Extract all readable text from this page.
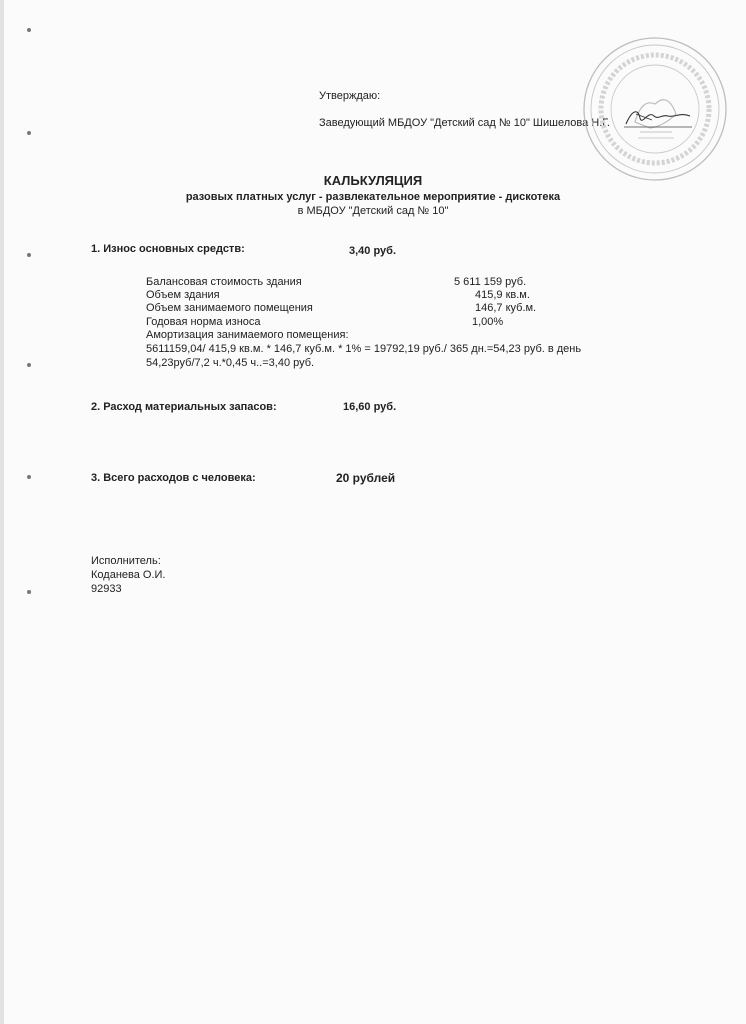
Утверждаю:
Заведующий МБДОУ "Детский сад № 10" Шишелова Н.Г.
КАЛЬКУЛЯЦИЯ
разовых платных услуг - развлекательное мероприятие - дискотека
в МБДОУ "Детский сад № 10"
1. Износ основных средств:	3,40 руб.
Балансовая стоимость здания	5 611 159 руб.
Объем здания	415,9 кв.м.
Объем занимаемого помещения	146,7 куб.м.
Годовая норма износа	1,00%
Амортизация занимаемого помещения:
5611159,04/ 415,9 кв.м. * 146,7 куб.м. * 1% = 19792,19 руб./ 365 дн.=54,23 руб. в день
54,23руб/7,2 ч.*0,45 ч..=3,40 руб.
2. Расход материальных запасов:	16,60 руб.
3. Всего расходов с человека:	20 рублей
Исполнитель:
Коданева О.И.
92933
